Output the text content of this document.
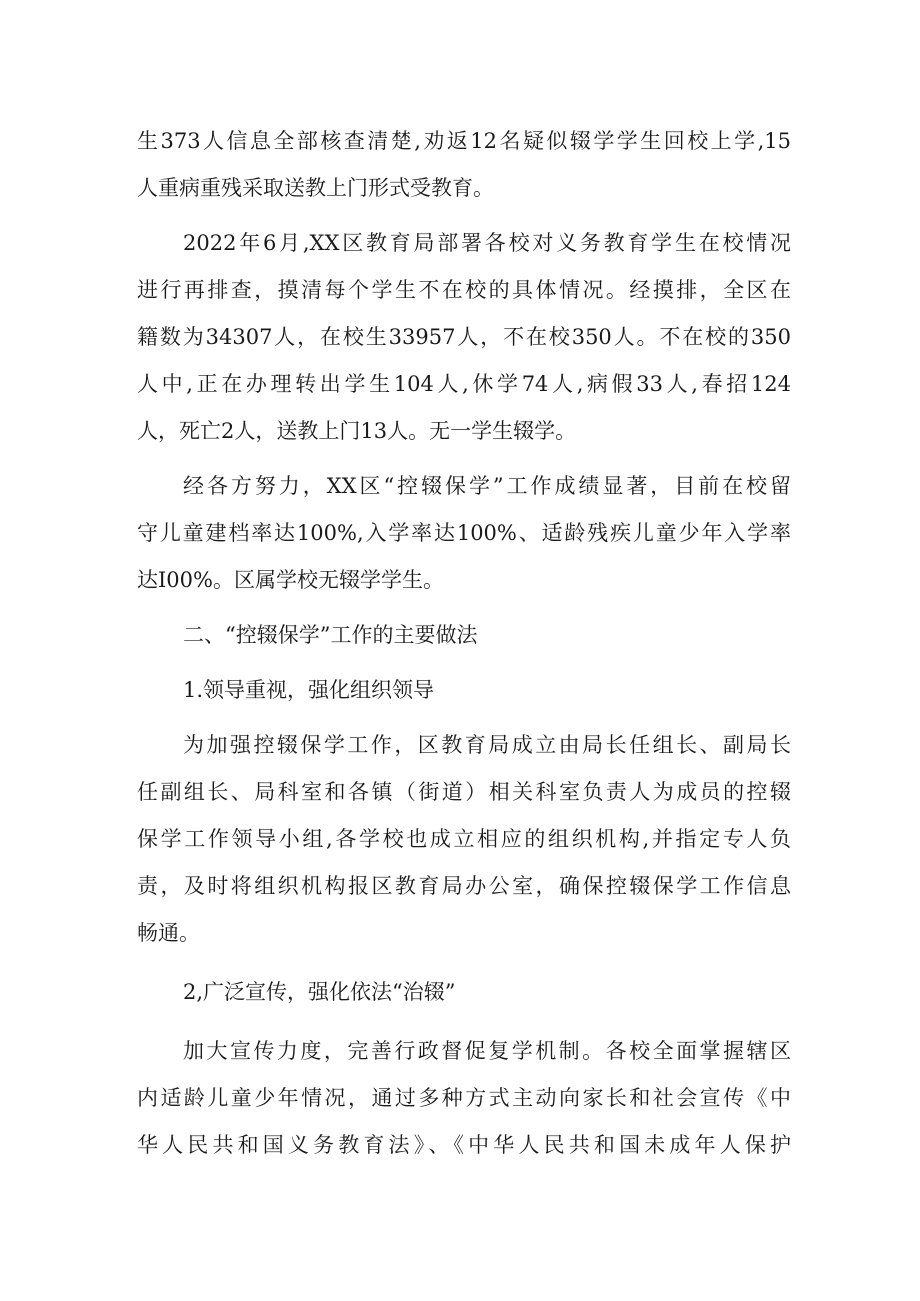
生373人信息全部核查清楚,劝返12名疑似辍学学生回校上学,15
人重病重残采取送教上门形式受教育。
2022年6月,XX区教育局部署各校对义务教育学生在校情况
进行再排查，摸清每个学生不在校的具体情况。经摸排，全区在
籍数为34307人，在校生33957人，不在校350人。不在校的350
人中,正在办理转出学生104人,休学74人,病假33人,春招124
人，死亡2人，送教上门13人。无一学生辍学。
经各方努力，XX区“控辍保学”工作成绩显著，目前在校留
守儿童建档率达100%,入学率达100%、适龄残疾儿童少年入学率
达I00%。区属学校无辍学学生。
二、“控辍保学”工作的主要做法
1.领导重视，强化组织领导
为加强控辍保学工作，区教育局成立由局长任组长、副局长
任副组长、局科室和各镇（街道）相关科室负责人为成员的控辍
保学工作领导小组,各学校也成立相应的组织机构,并指定专人负
责，及时将组织机构报区教育局办公室，确保控辍保学工作信息
畅通。
2,广泛宣传，强化依法“治辍”
加大宣传力度，完善行政督促复学机制。各校全面掌握辖区
内适龄儿童少年情况，通过多种方式主动向家长和社会宣传《中
华人民共和国义务教育法》、《中华人民共和国未成年人保护
